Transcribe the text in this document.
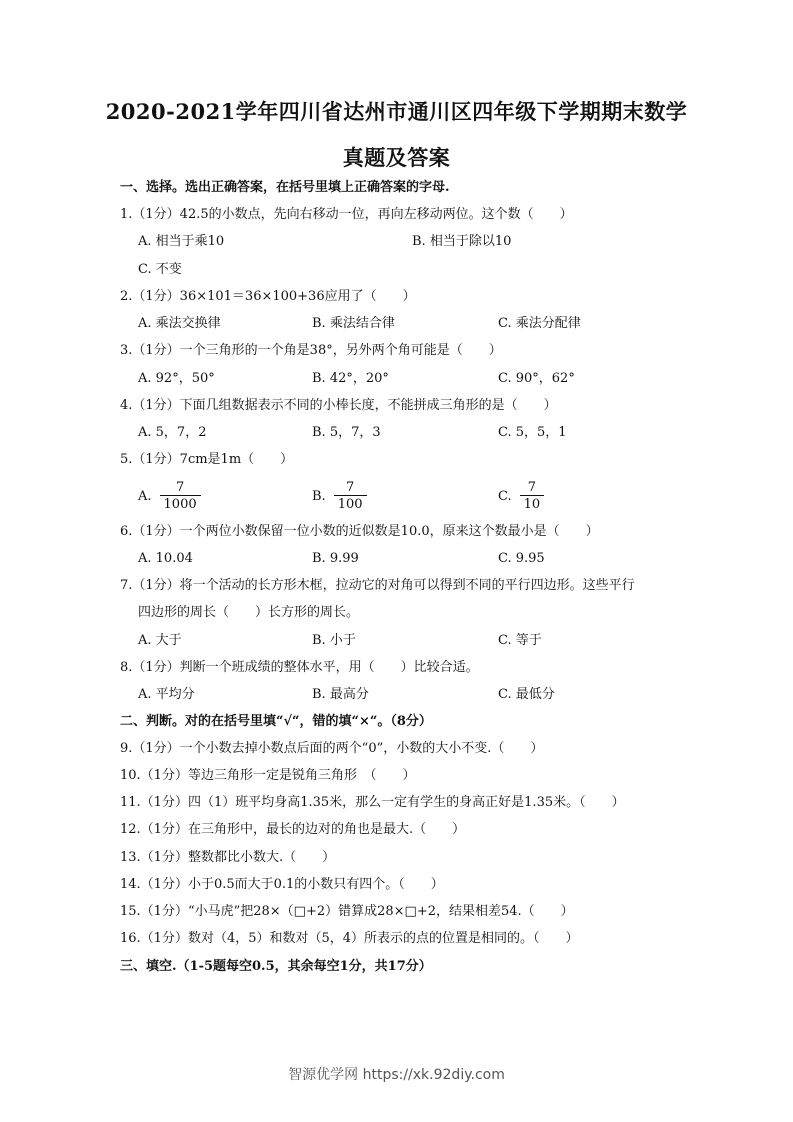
2020-2021学年四川省达州市通川区四年级下学期期末数学
真题及答案
一、选择。选出正确答案，在括号里填上正确答案的字母.
1.（1分）42.5的小数点，先向右移动一位，再向左移动两位。这个数（　　）
A. 相当于乘10	B. 相当于除以10
C. 不变
2.（1分）36×101＝36×100+36应用了（　　）
A. 乘法交换律	B. 乘法结合律	C. 乘法分配律
3.（1分）一个三角形的一个角是38°，另外两个角可能是（　　）
A. 92°，50°	B. 42°，20°	C. 90°，62°
4.（1分）下面几组数据表示不同的小棒长度，不能拼成三角形的是（　　）
A. 5，7，2	B. 5，7，3	C. 5，5，1
5.（1分）7cm是1m（　　）
A. $\frac{7}{1000}$	B. $\frac{7}{100}$	C. $\frac{7}{10}$
6.（1分）一个两位小数保留一位小数的近似数是10.0，原来这个数最小是（　　）
A. 10.04	B. 9.99	C. 9.95
7.（1分）将一个活动的长方形木框，拉动它的对角可以得到不同的平行四边形。这些平行
四边形的周长（　　）长方形的周长。
A. 大于	B. 小于	C. 等于
8.（1分）判断一个班成绩的整体水平，用（　　）比较合适。
A. 平均分	B. 最高分	C. 最低分
二、判断。对的在括号里填“√“，错的填“×“。（8分）
9.（1分）一个小数去掉小数点后面的两个“0”，小数的大小不变.（　　）
10.（1分）等边三角形一定是锐角三角形　（　　）
11.（1分）四（1）班平均身高1.35米，那么一定有学生的身高正好是1.35米。（　　）
12.（1分）在三角形中，最长的边对的角也是最大.（　　）
13.（1分）整数都比小数大.（　　）
14.（1分）小于0.5而大于0.1的小数只有四个。（　　）
15.（1分）“小马虎”把28×（□+2）错算成28×□+2，结果相差54.（　　）
16.（1分）数对（4，5）和数对（5，4）所表示的点的位置是相同的。（　　）
三、填空.（1-5题每空0.5，其余每空1分，共17分）
智源优学网 https://xk.92diy.com
